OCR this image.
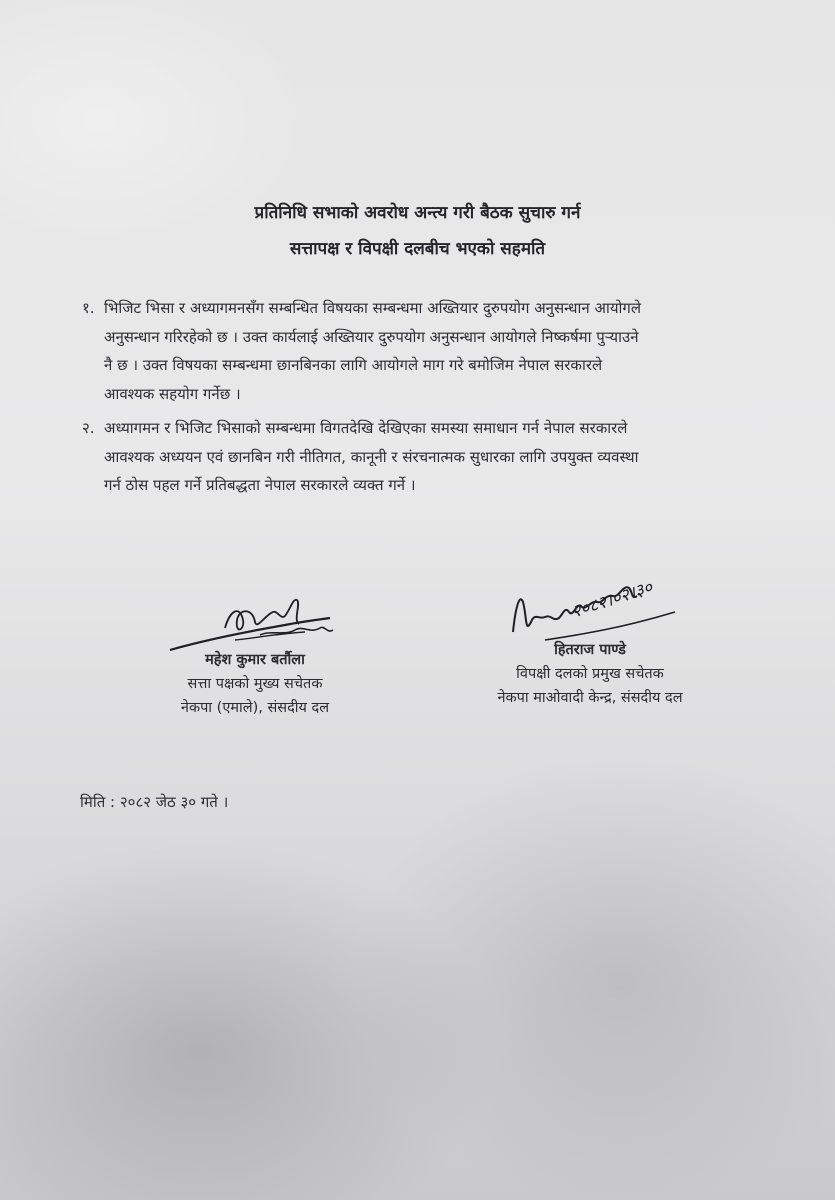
प्रतिनिधि सभाको अवरोध अन्त्य गरी बैठक सुचारु गर्न
सत्तापक्ष र विपक्षी दलबीच भएको सहमति
१. भिजिट भिसा र अध्यागमनसँग सम्बन्धित विषयका सम्बन्धमा अख्तियार दुरुपयोग अनुसन्धान आयोगले
अनुसन्धान गरिरहेको छ । उक्त कार्यलाई अख्तियार दुरुपयोग अनुसन्धान आयोगले निष्कर्षमा पुऱ्याउने
नै छ । उक्त विषयका सम्बन्धमा छानबिनका लागि आयोगले माग गरे बमोजिम नेपाल सरकारले
आवश्यक सहयोग गर्नेछ ।
२. अध्यागमन र भिजिट भिसाको सम्बन्धमा विगतदेखि देखिएका समस्या समाधान गर्न नेपाल सरकारले
आवश्यक अध्ययन एवं छानबिन गरी नीतिगत, कानूनी र संरचनात्मक सुधारका लागि उपयुक्त व्यवस्था
गर्न ठोस पहल गर्ने प्रतिबद्धता नेपाल सरकारले व्यक्त गर्ने ।
महेश कुमार बर्तौला
सत्ता पक्षको मुख्य सचेतक
नेकपा (एमाले), संसदीय दल
२०८२।०२।३०
हितराज पाण्डे
विपक्षी दलको प्रमुख सचेतक
नेकपा माओवादी केन्द्र, संसदीय दल
मिति : २०८२ जेठ ३० गते ।
